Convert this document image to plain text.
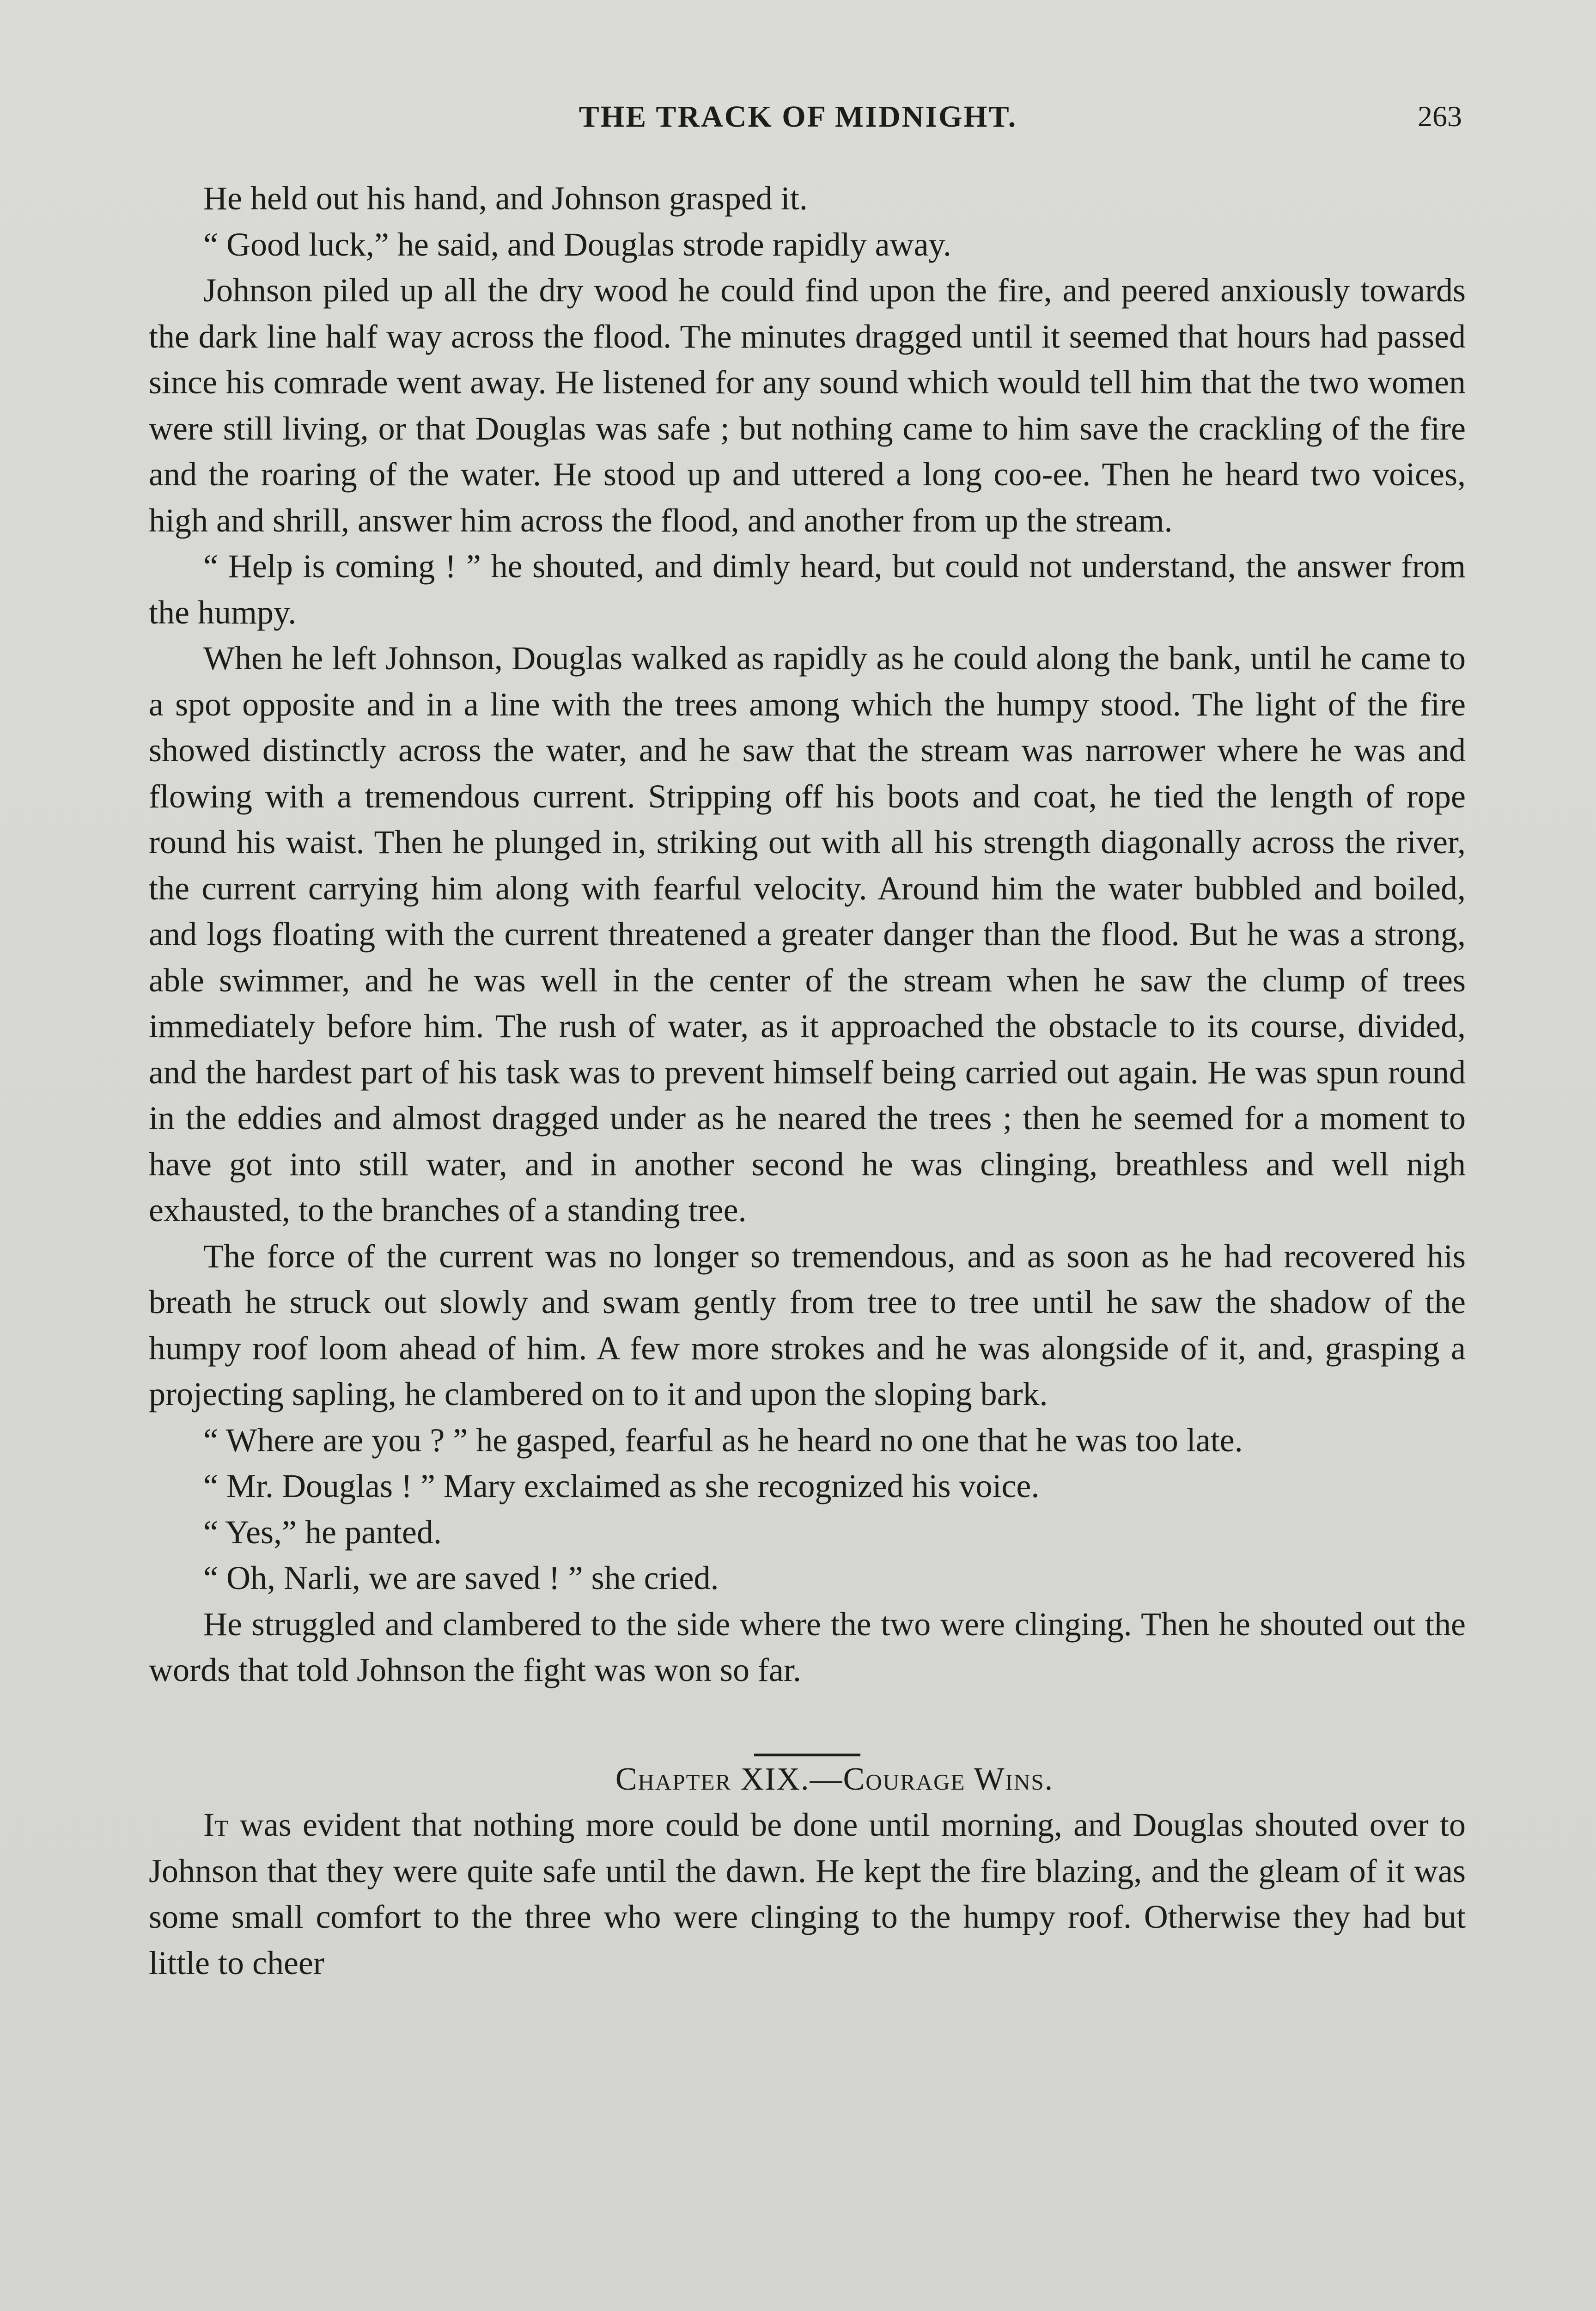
THE TRACK OF MIDNIGHT.	263

He held out his hand, and Johnson grasped it.

“ Good luck,” he said, and Douglas strode rapidly away.

Johnson piled up all the dry wood he could find upon the fire, and peered anxiously towards the dark line half way across the flood. The minutes dragged until it seemed that hours had passed since his comrade went away. He listened for any sound which would tell him that the two women were still living, or that Douglas was safe ; but nothing came to him save the crackling of the fire and the roaring of the water. He stood up and uttered a long coo-ee. Then he heard two voices, high and shrill, answer him across the flood, and another from up the stream.

“ Help is coming ! ” he shouted, and dimly heard, but could not understand, the answer from the humpy.

When he left Johnson, Douglas walked as rapidly as he could along the bank, until he came to a spot opposite and in a line with the trees among which the humpy stood. The light of the fire showed distinctly across the water, and he saw that the stream was narrower where he was and flowing with a tremendous current. Stripping off his boots and coat, he tied the length of rope round his waist. Then he plunged in, striking out with all his strength diagonally across the river, the current carrying him along with fearful velocity. Around him the water bubbled and boiled, and logs floating with the current threatened a greater danger than the flood. But he was a strong, able swimmer, and he was well in the center of the stream when he saw the clump of trees immediately before him. The rush of water, as it approached the obstacle to its course, divided, and the hardest part of his task was to prevent himself being carried out again. He was spun round in the eddies and almost dragged under as he neared the trees ; then he seemed for a moment to have got into still water, and in another second he was clinging, breathless and well nigh exhausted, to the branches of a standing tree.

The force of the current was no longer so tremendous, and as soon as he had recovered his breath he struck out slowly and swam gently from tree to tree until he saw the shadow of the humpy roof loom ahead of him. A few more strokes and he was alongside of it, and, grasping a projecting sapling, he clambered on to it and upon the sloping bark.

“ Where are you ? ” he gasped, fearful as he heard no one that he was too late.

“ Mr. Douglas ! ” Mary exclaimed as she recognized his voice.

“ Yes,” he panted.

“ Oh, Narli, we are saved ! ” she cried.

He struggled and clambered to the side where the two were clinging. Then he shouted out the words that told Johnson the fight was won so far.

Chapter XIX.—Courage Wins.

It was evident that nothing more could be done until morning, and Douglas shouted over to Johnson that they were quite safe until the dawn. He kept the fire blazing, and the gleam of it was some small comfort to the three who were clinging to the humpy roof. Otherwise they had but little to cheer
